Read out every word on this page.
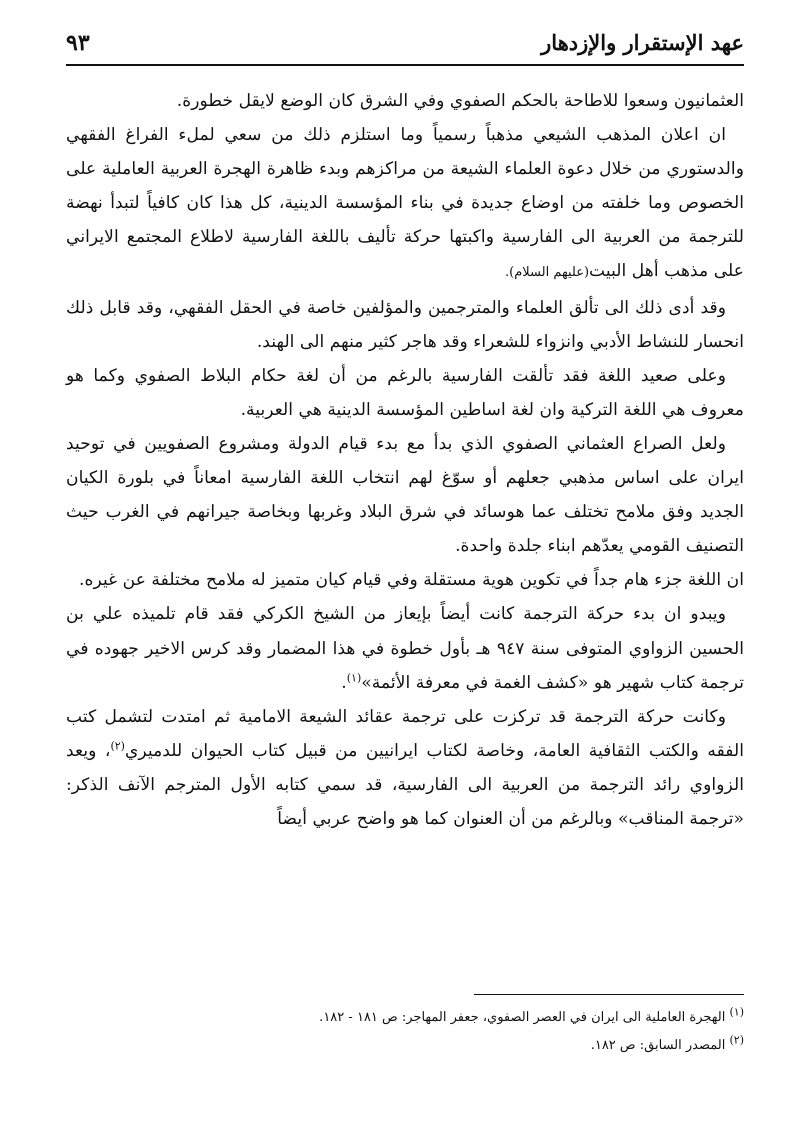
عهد الإستقرار والإزدهار
٩٣

العثمانيون وسعوا للاطاحة بالحكم الصفوي وفي الشرق كان الوضع لايقل خطورة.

ان اعلان المذهب الشيعي مذهباً رسمياً وما استلزم ذلك من سعي لملء الفراغ الفقهي والدستوري من خلال دعوة العلماء الشيعة من مراكزهم وبدء ظاهرة الهجرة العربية العاملية على الخصوص وما خلفته من اوضاع جديدة في بناء المؤسسة الدينية، كل هذا كان كافياً لتبدأ نهضة للترجمة من العربية الى الفارسية واكبتها حركة تأليف باللغة الفارسية لاطلاع المجتمع الايراني على مذهب أهل البيت(عليهم السلام).

وقد أدى ذلك الى تألق العلماء والمترجمين والمؤلفين خاصة في الحقل الفقهي، وقد قابل ذلك انحسار للنشاط الأدبي وانزواء للشعراء وقد هاجر كثير منهم الى الهند.

وعلى صعيد اللغة فقد تألقت الفارسية بالرغم من أن لغة حكام البلاط الصفوي وكما هو معروف هي اللغة التركية وان لغة اساطين المؤسسة الدينية هي العربية.

ولعل الصراع العثماني الصفوي الذي بدأ مع بدء قيام الدولة ومشروع الصفويين في توحيد ايران على اساس مذهبي جعلهم أو سوّغ لهم انتخاب اللغة الفارسية امعاناً في بلورة الكيان الجديد وفق ملامح تختلف عما هوسائد في شرق البلاد وغربها وبخاصة جيرانهم في الغرب حيث التصنيف القومي يعدّهم ابناء جلدة واحدة.

ان اللغة جزء هام جداً في تكوين هوية مستقلة وفي قيام كيان متميز له ملامح مختلفة عن غيره.

ويبدو ان بدء حركة الترجمة كانت أيضاً بإيعاز من الشيخ الكركي فقد قام تلميذه علي بن الحسين الزواوي المتوفى سنة ٩٤٧ هـ بأول خطوة في هذا المضمار وقد كرس الاخير جهوده في ترجمة كتاب شهير هو «كشف الغمة في معرفة الأئمة»$^{(١)}$.

وكانت حركة الترجمة قد تركزت على ترجمة عقائد الشيعة الامامية ثم امتدت لتشمل كتب الفقه والكتب الثقافية العامة، وخاصة لكتاب ايرانيين من قبيل كتاب الحيوان للدميري$^{(٢)}$، ويعد الزواوي رائد الترجمة من العربية الى الفارسية، قد سمي كتابه الأول المترجم الآنف الذكر: «ترجمة المناقب» وبالرغم من أن العنوان كما هو واضح عربي أيضاً

$^{(١)}$ الهجرة العاملية الى ايران في العصر الصفوي، جعفر المهاجر: ص ١٨١ - ١٨٢.
$^{(٢)}$ المصدر السابق: ص ١٨٢.
